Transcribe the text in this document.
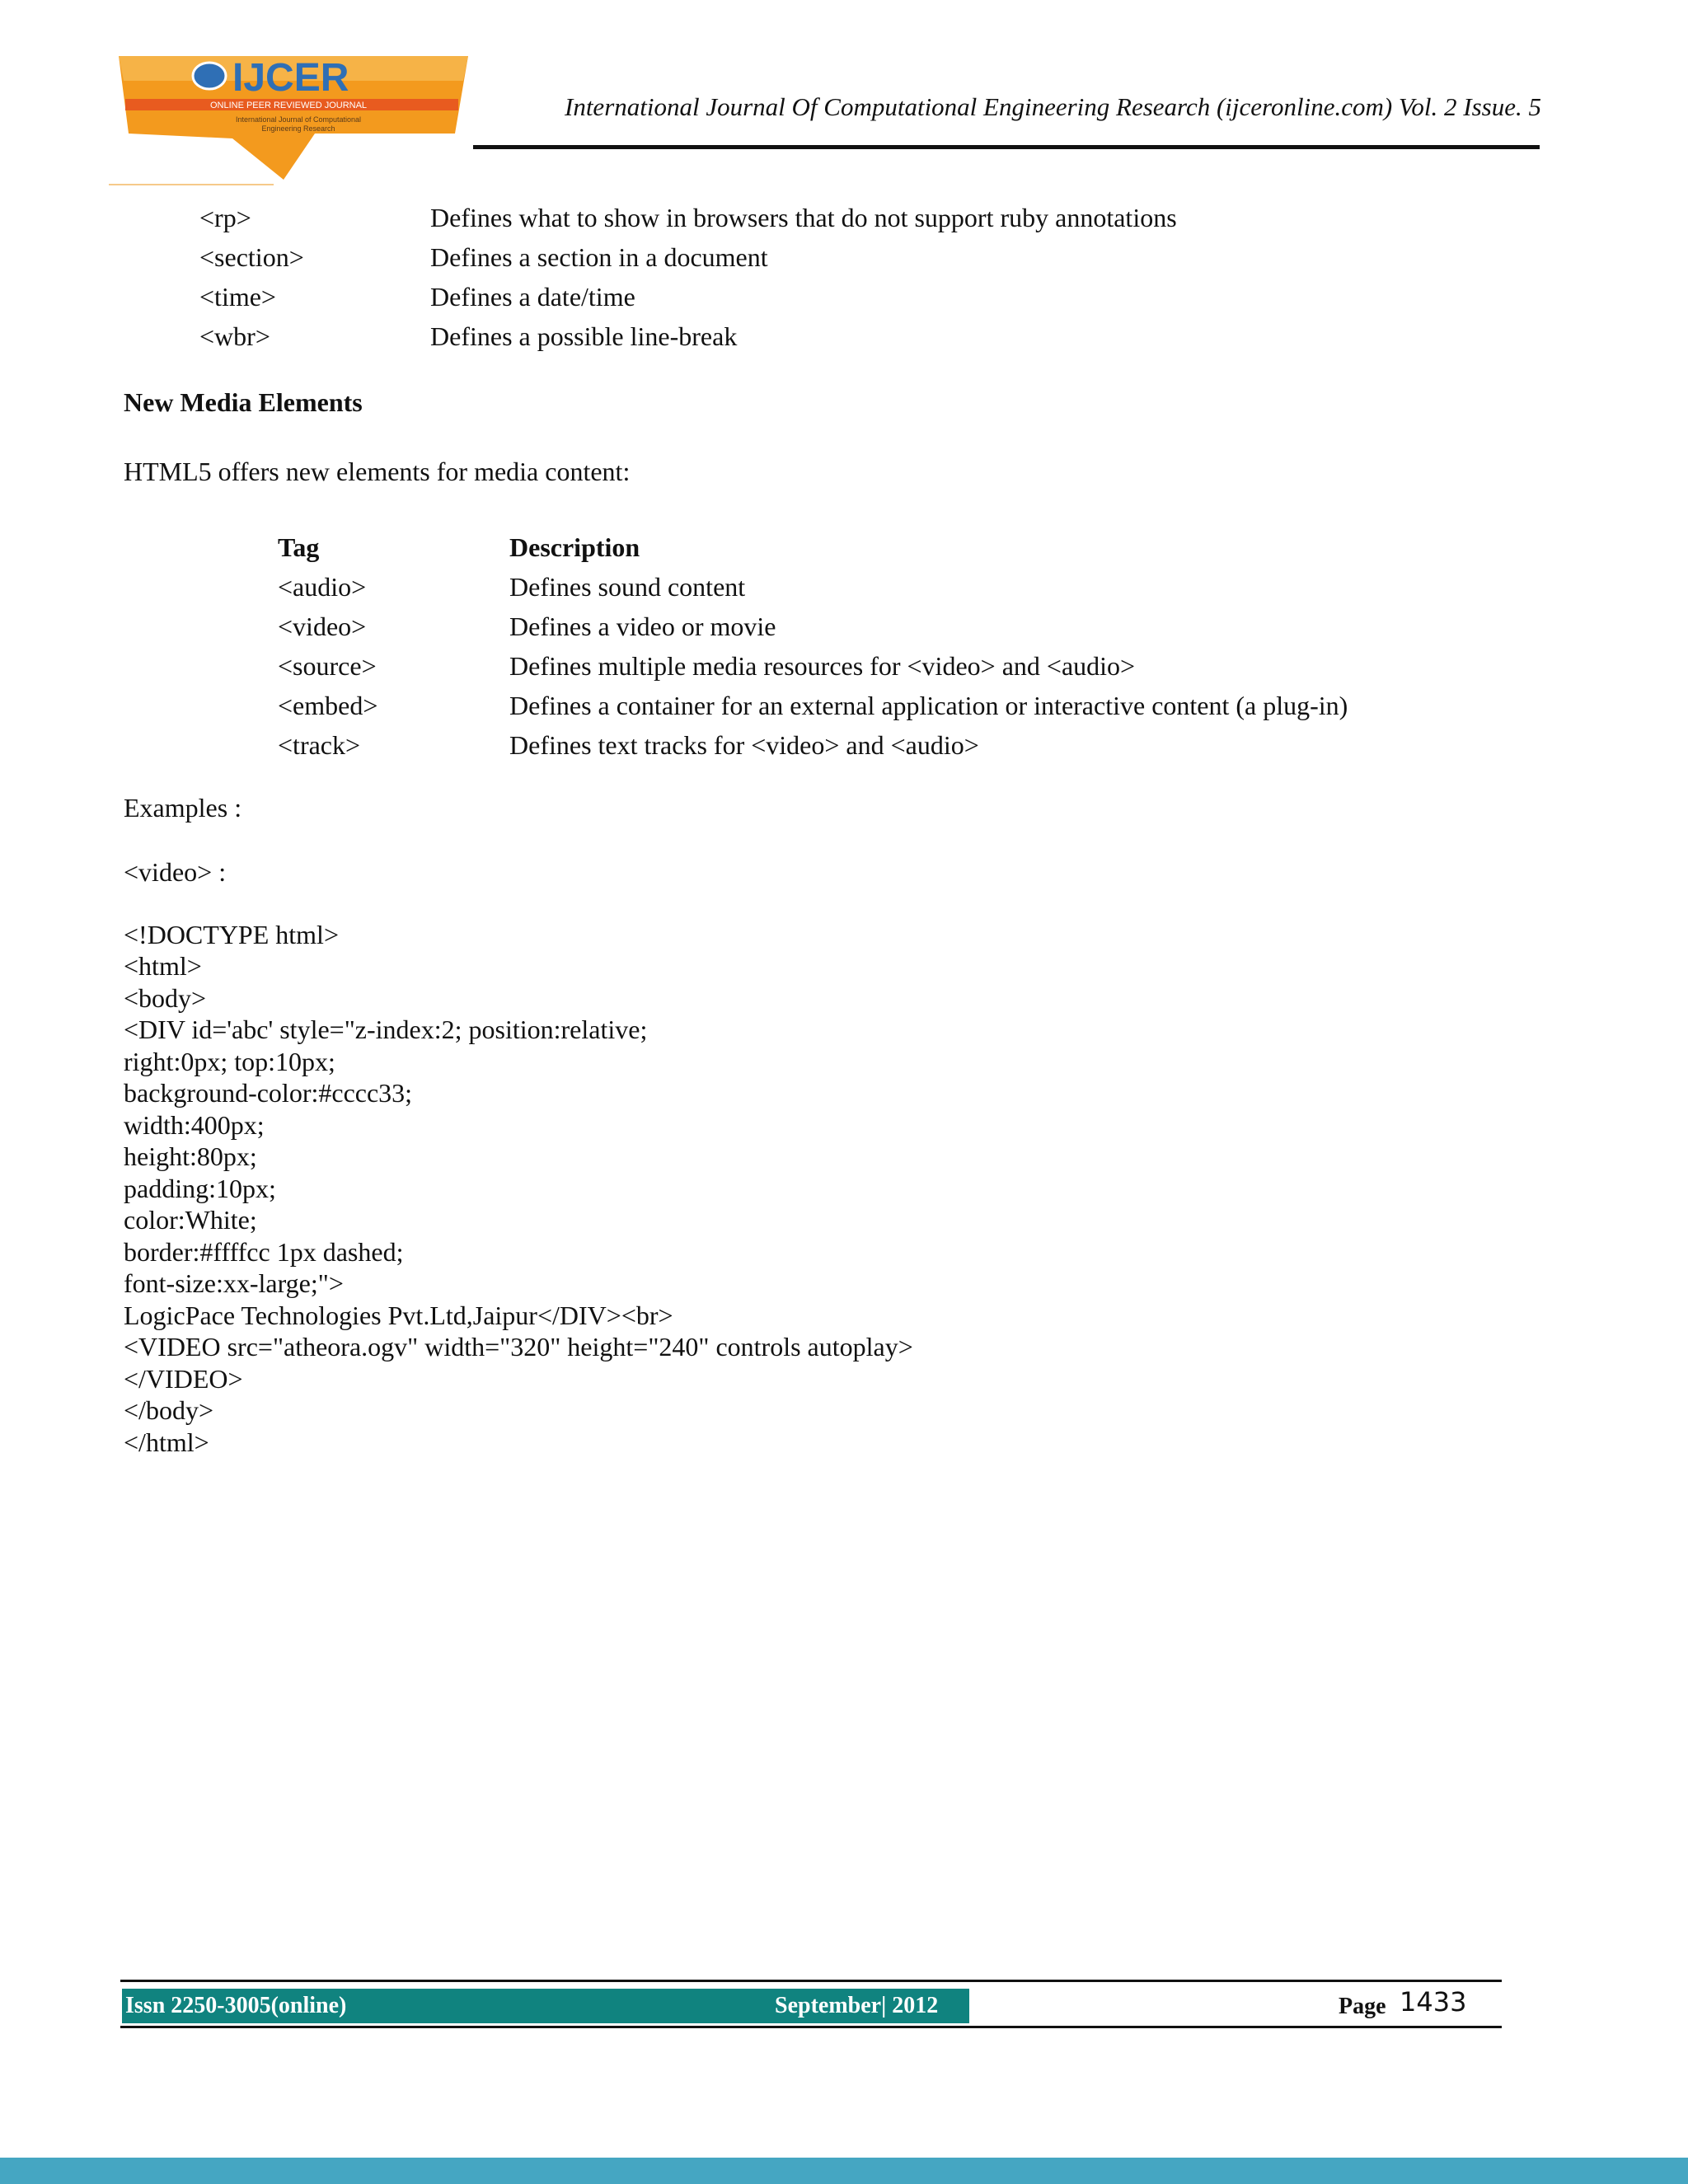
IJCER
ONLINE PEER REVIEWED JOURNAL
International Journal of Computational
Engineering Research
International Journal Of Computational Engineering Research (ijceronline.com) Vol. 2 Issue. 5
<rp>	Defines what to show in browsers that do not support ruby annotations
<section>	Defines a section in a document
<time>	Defines a date/time
<wbr>	Defines a possible line-break
New Media Elements
HTML5 offers new elements for media content:
Tag	Description
<audio>	Defines sound content
<video>	Defines a video or movie
<source>	Defines multiple media resources for <video> and <audio>
<embed>	Defines a container for an external application or interactive content (a plug-in)
<track>	Defines text tracks for <video> and <audio>
Examples :
<video> :
<!DOCTYPE html>
<html>
<body>
<DIV id='abc' style="z-index:2; position:relative;
right:0px; top:10px;
background-color:#cccc33;
width:400px;
height:80px;
padding:10px;
color:White;
border:#ffffcc 1px dashed;
font-size:xx-large;">
LogicPace Technologies Pvt.Ltd,Jaipur</DIV><br>
<VIDEO src="atheora.ogv" width="320" height="240" controls autoplay>
</VIDEO>
</body>
</html>
Issn 2250-3005(online)	September| 2012	Page 1433
